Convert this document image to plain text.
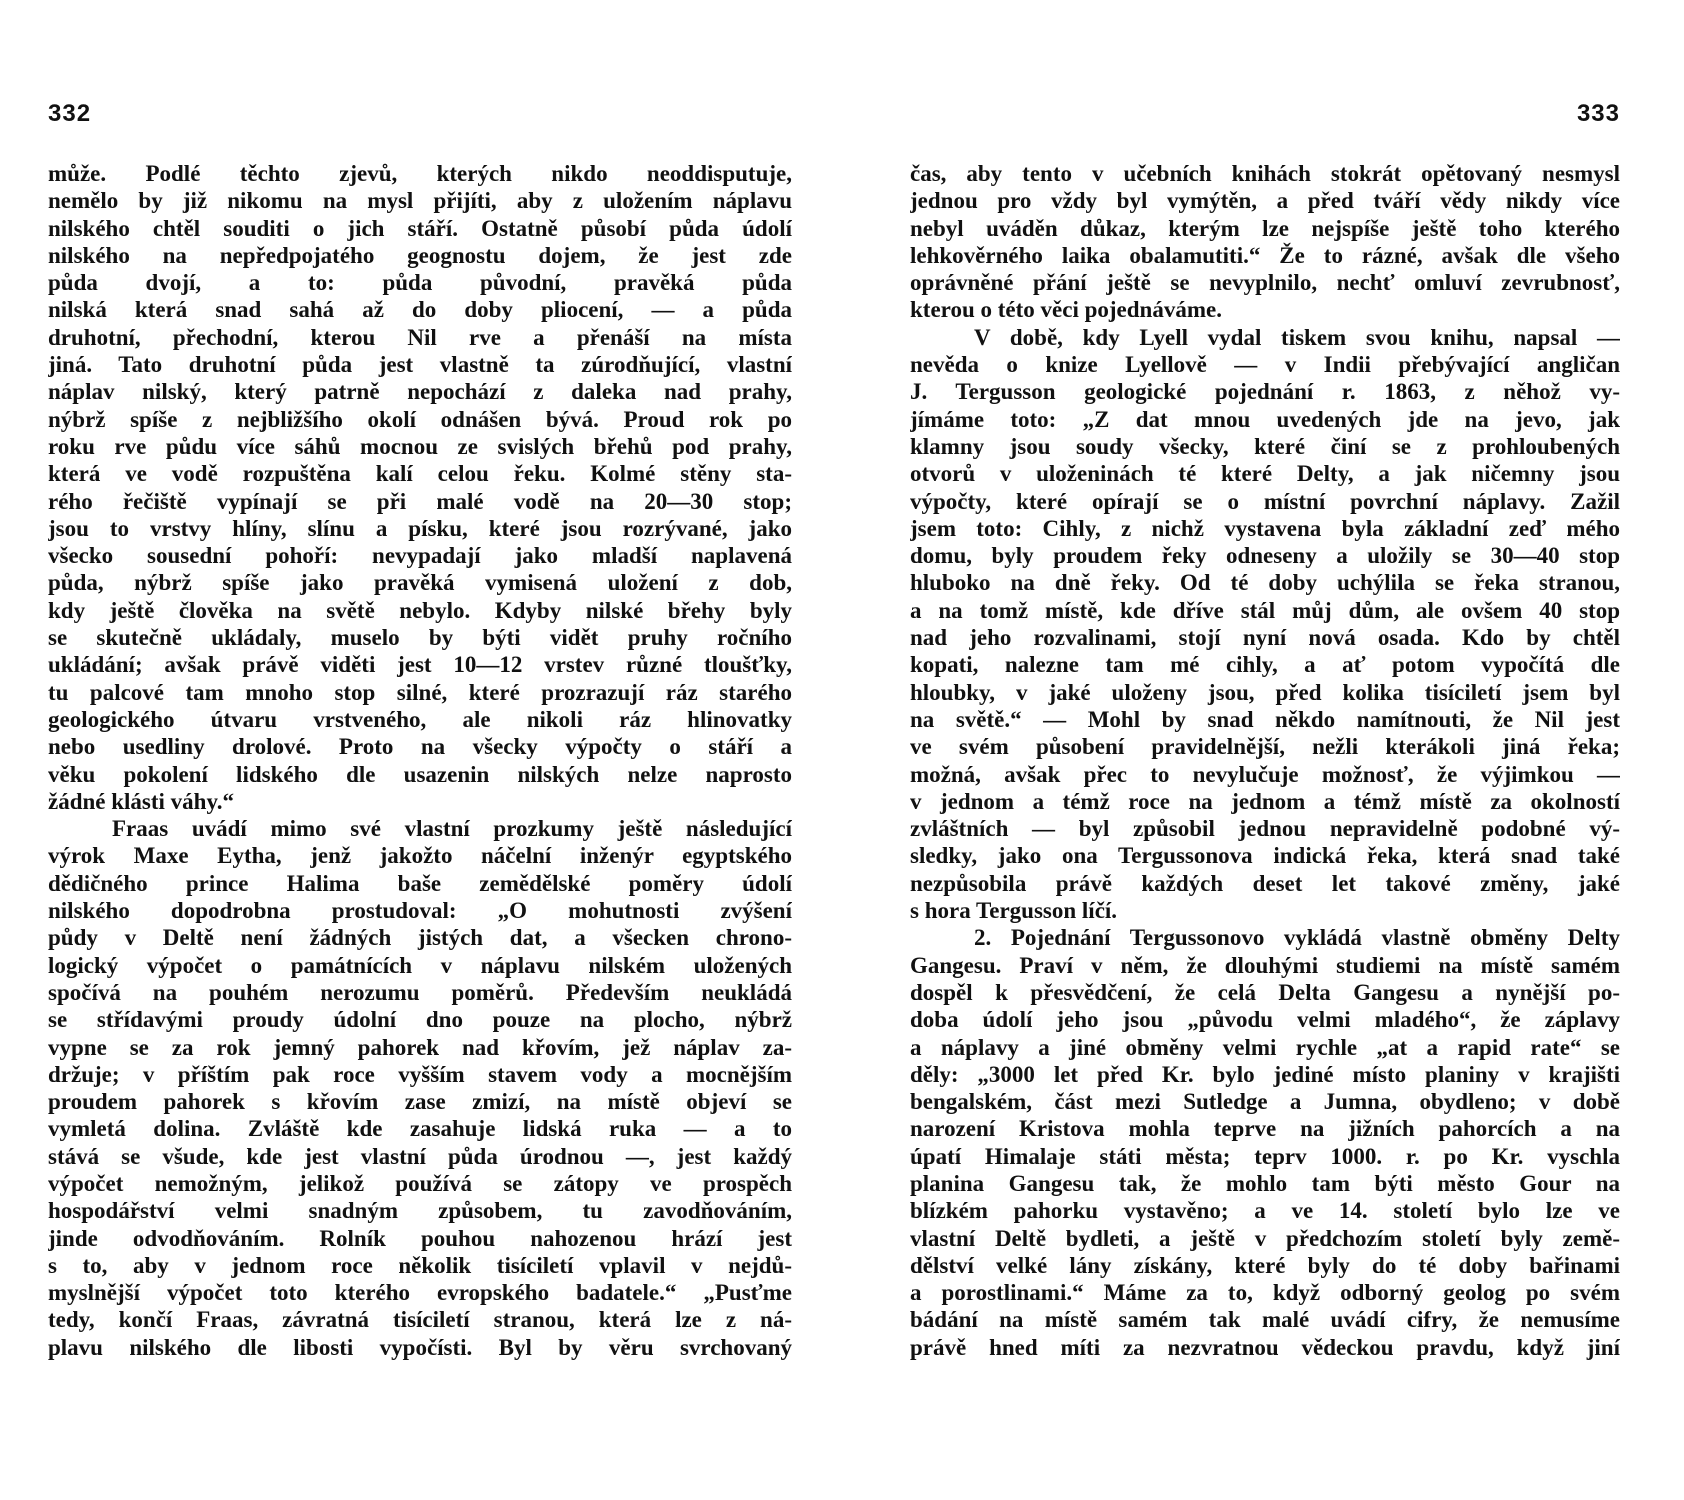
332
může. Podlé těchto zjevů, kterých nikdo neoddisputuje,
nemělo by již nikomu na mysl přijíti, aby z uložením náplavu
nilského chtěl souditi o jich stáří. Ostatně působí půda údolí
nilského na nepředpojatého geognostu dojem, že jest zde
půda dvojí, a to: půda původní, pravěká půda
nilská která snad sahá až do doby pliocení, — a půda
druhotní, přechodní, kterou Nil rve a přenáší na místa
jiná. Tato druhotní půda jest vlastně ta zúrodňující, vlastní
náplav nilský, který patrně nepochází z daleka nad prahy,
nýbrž spíše z nejbližšího okolí odnášen bývá. Proud rok po
roku rve půdu více sáhů mocnou ze svislých břehů pod prahy,
která ve vodě rozpuštěna kalí celou řeku. Kolmé stěny sta-
rého řečiště vypínají se při malé vodě na 20—30 stop;
jsou to vrstvy hlíny, slínu a písku, které jsou rozrývané, jako
všecko sousední pohoří: nevypadají jako mladší naplavená
půda, nýbrž spíše jako pravěká vymisená uložení z dob,
kdy ještě člověka na světě nebylo. Kdyby nilské břehy byly
se skutečně ukládaly, muselo by býti vidět pruhy ročního
ukládání; avšak právě viděti jest 10—12 vrstev různé tloušťky,
tu palcové tam mnoho stop silné, které prozrazují ráz starého
geologického útvaru vrstveného, ale nikoli ráz hlinovatky
nebo usedliny drolové. Proto na všecky výpočty o stáří a
věku pokolení lidského dle usazenin nilských nelze naprosto
žádné klásti váhy.“
Fraas uvádí mimo své vlastní prozkumy ještě následující
výrok Maxe Eytha, jenž jakožto náčelní inženýr egyptského
dědičného prince Halima baše zemědělské poměry údolí
nilského dopodrobna prostudoval: „O mohutnosti zvýšení
půdy v Deltě není žádných jistých dat, a všecken chrono-
logický výpočet o památnících v náplavu nilském uložených
spočívá na pouhém nerozumu poměrů. Především neukládá
se střídavými proudy údolní dno pouze na plocho, nýbrž
vypne se za rok jemný pahorek nad křovím, jež náplav za-
držuje; v příštím pak roce vyšším stavem vody a mocnějším
proudem pahorek s křovím zase zmizí, na místě objeví se
vymletá dolina. Zvláště kde zasahuje lidská ruka — a to
stává se všude, kde jest vlastní půda úrodnou —, jest každý
výpočet nemožným, jelikož používá se zátopy ve prospěch
hospodářství velmi snadným způsobem, tu zavodňováním,
jinde odvodňováním. Rolník pouhou nahozenou hrází jest
s to, aby v jednom roce několik tisíciletí vplavil v nejdů-
myslnější výpočet toto kterého evropského badatele.“ „Pusťme
tedy, končí Fraas, závratná tisíciletí stranou, která lze z ná-
plavu nilského dle libosti vypočísti. Byl by věru svrchovaný
333
čas, aby tento v učebních knihách stokrát opětovaný nesmysl
jednou pro vždy byl vymýtěn, a před tváří vědy nikdy více
nebyl uváděn důkaz, kterým lze nejspíše ještě toho kterého
lehkověrného laika obalamutiti.“ Že to rázné, avšak dle všeho
oprávněné přání ještě se nevyplnilo, nechť omluví zevrubnosť,
kterou o této věci pojednáváme.
V době, kdy Lyell vydal tiskem svou knihu, napsal —
nevěda o knize Lyellově — v Indii přebývající angličan
J. Tergusson geologické pojednání r. 1863, z něhož vy-
jímáme toto: „Z dat mnou uvedených jde na jevo, jak
klamny jsou soudy všecky, které činí se z prohloubených
otvorů v uloženinách té které Delty, a jak ničemny jsou
výpočty, které opírají se o místní povrchní náplavy. Zažil
jsem toto: Cihly, z nichž vystavena byla základní zeď mého
domu, byly proudem řeky odneseny a uložily se 30—40 stop
hluboko na dně řeky. Od té doby uchýlila se řeka stranou,
a na tomž místě, kde dříve stál můj dům, ale ovšem 40 stop
nad jeho rozvalinami, stojí nyní nová osada. Kdo by chtěl
kopati, nalezne tam mé cihly, a ať potom vypočítá dle
hloubky, v jaké uloženy jsou, před kolika tisíciletí jsem byl
na světě.“ — Mohl by snad někdo namítnouti, že Nil jest
ve svém působení pravidelnější, nežli kterákoli jiná řeka;
možná, avšak přec to nevylučuje možnosť, že výjimkou —
v jednom a témž roce na jednom a témž místě za okolností
zvláštních — byl způsobil jednou nepravidelně podobné vý-
sledky, jako ona Tergussonova indická řeka, která snad také
nezpůsobila právě každých deset let takové změny, jaké
s hora Tergusson líčí.
2. Pojednání Tergussonovo vykládá vlastně obměny Delty
Gangesu. Praví v něm, že dlouhými studiemi na místě samém
dospěl k přesvědčení, že celá Delta Gangesu a nynější po-
doba údolí jeho jsou „původu velmi mladého“, že záplavy
a náplavy a jiné obměny velmi rychle „at a rapid rate“ se
děly: „3000 let před Kr. bylo jediné místo planiny v krajišti
bengalském, část mezi Sutledge a Jumna, obydleno; v době
narození Kristova mohla teprve na jižních pahorcích a na
úpatí Himalaje státi města; teprv 1000. r. po Kr. vyschla
planina Gangesu tak, že mohlo tam býti město Gour na
blízkém pahorku vystavěno; a ve 14. století bylo lze ve
vlastní Deltě bydleti, a ještě v předchozím století byly země-
dělství velké lány získány, které byly do té doby bařinami
a porostlinami.“ Máme za to, když odborný geolog po svém
bádání na místě samém tak malé uvádí cifry, že nemusíme
právě hned míti za nezvratnou vědeckou pravdu, když jiní
